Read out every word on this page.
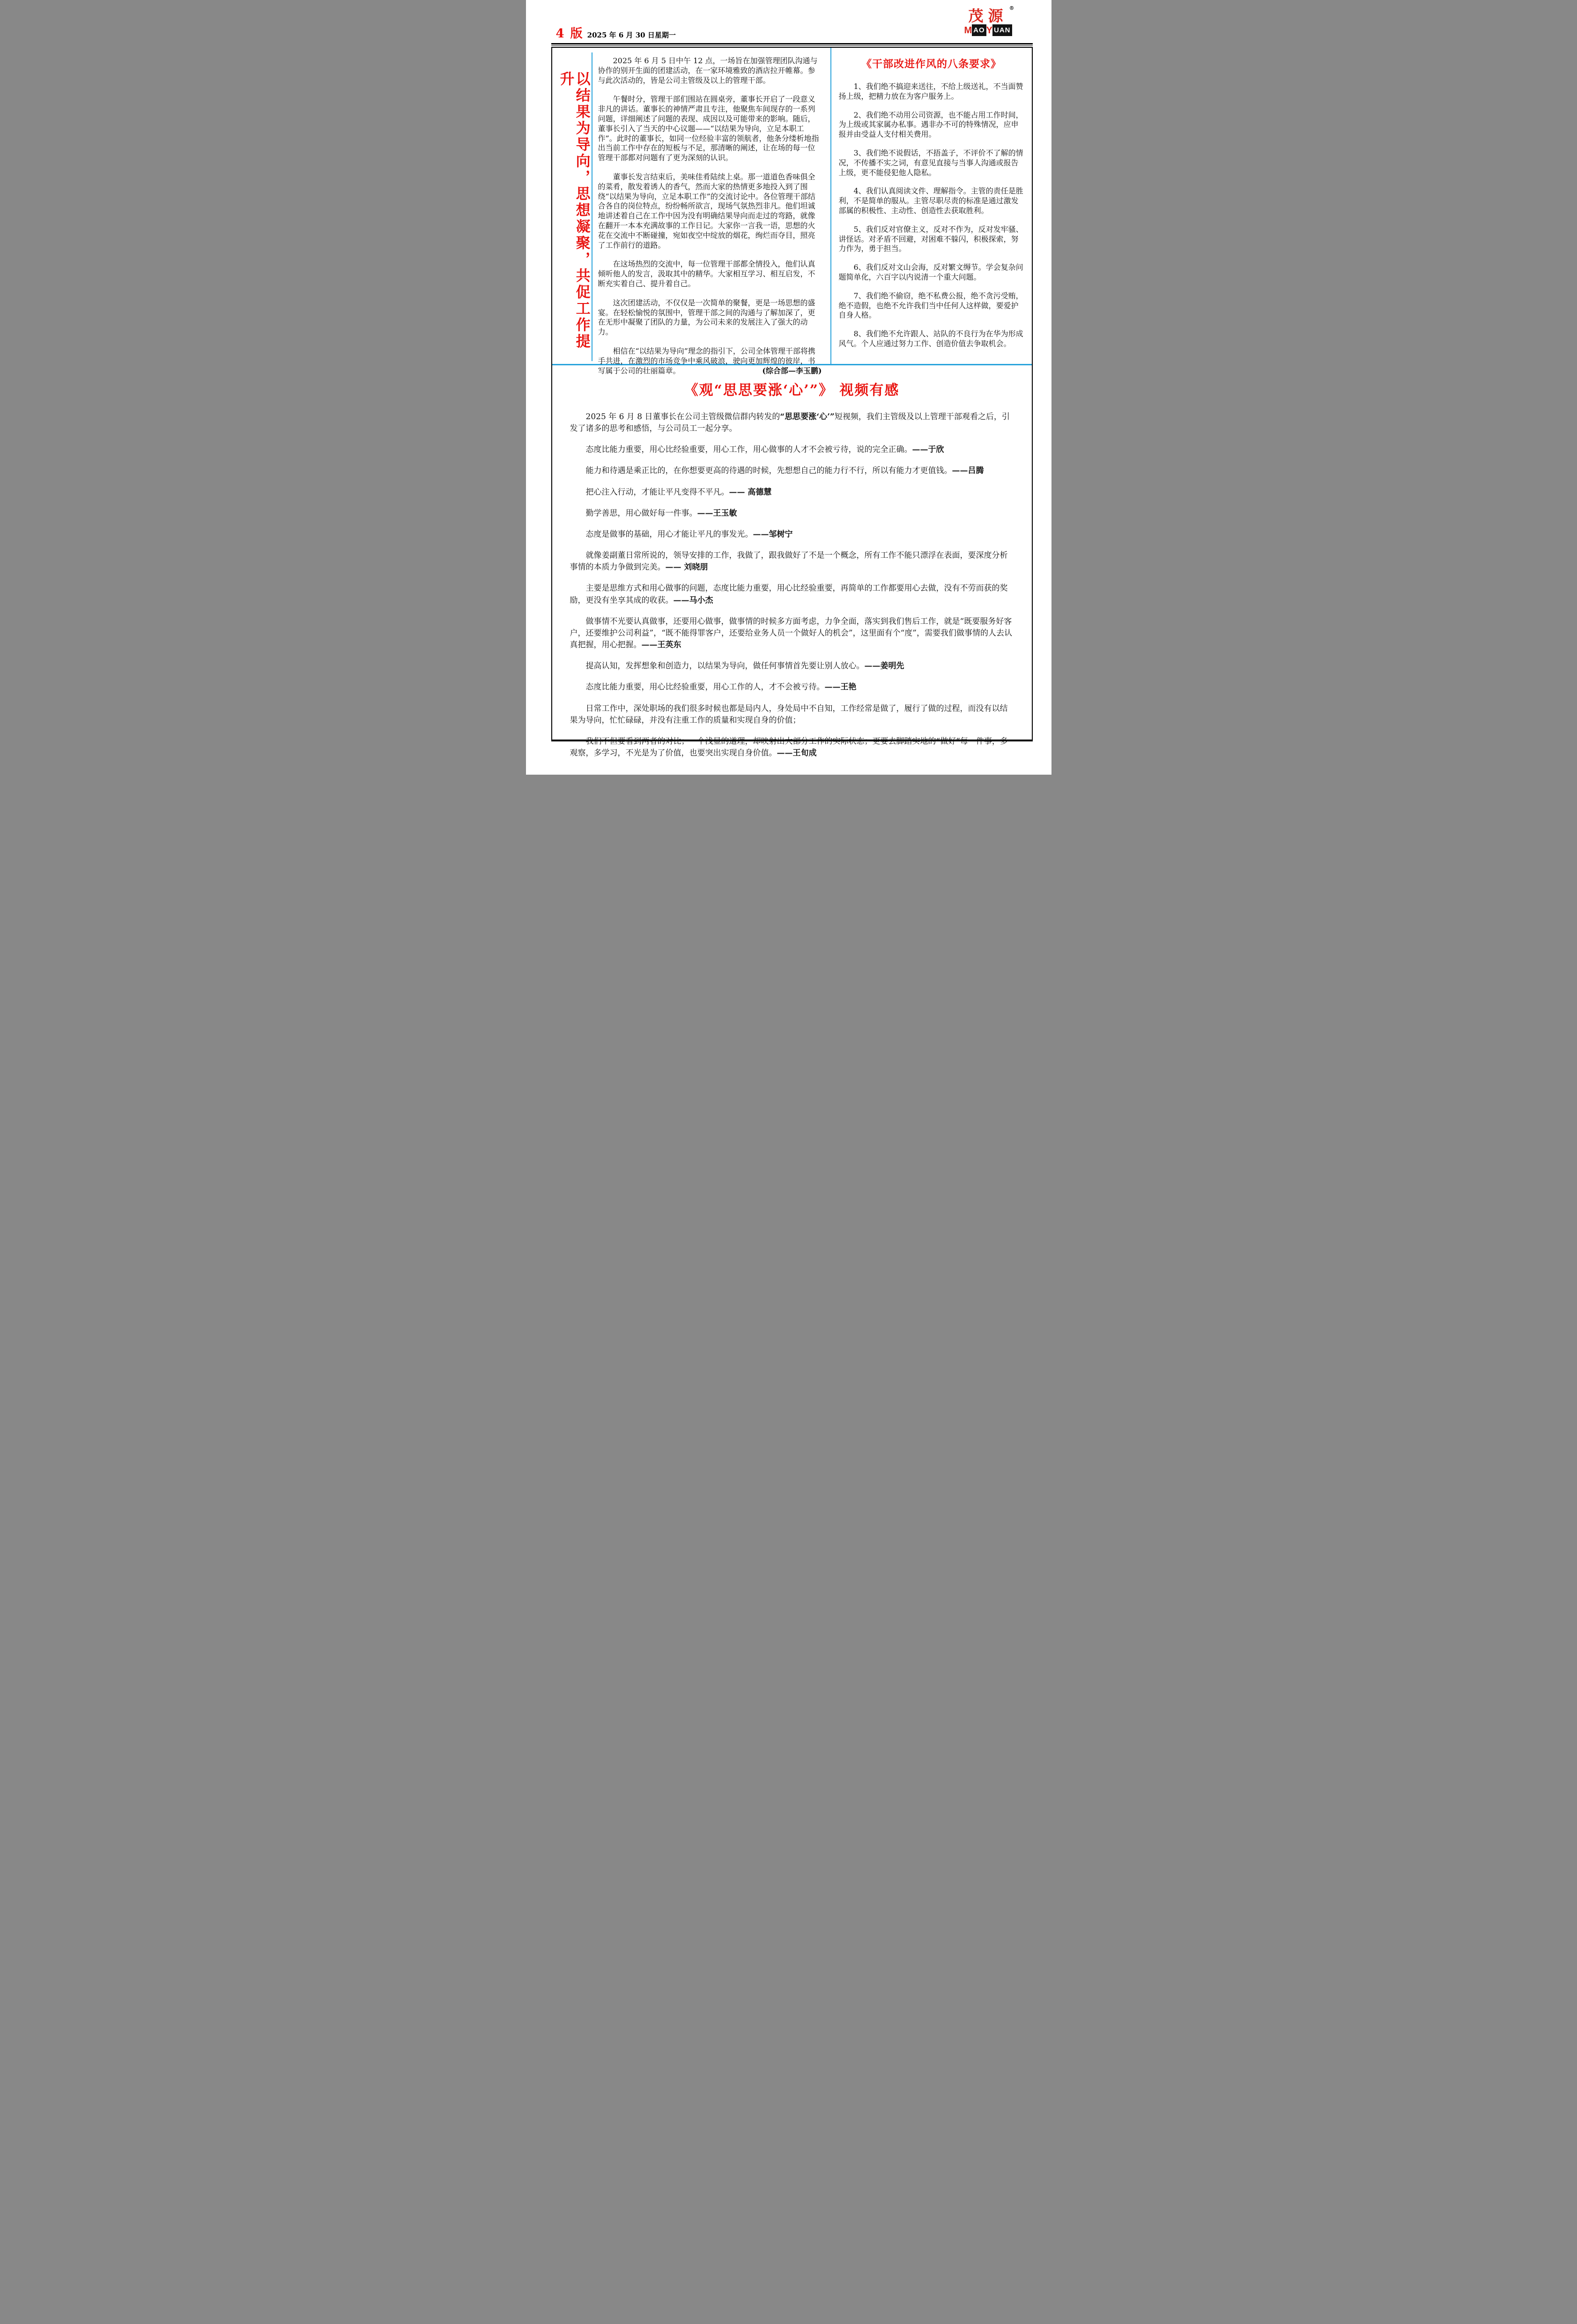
4 版 2025 年 6 月 30 日星期一
茂源 ®
M AO Y UAN
以结果为导向，思想凝聚，共促工作提升

2025 年 6 月 5 日中午 12 点，一场旨在加强管理团队沟通与协作的别开生面的团建活动，在一家环境雅致的酒店拉开帷幕。参与此次活动的，皆是公司主管级及以上的管理干部。

午餐时分，管理干部们围站在圆桌旁，董事长开启了一段意义非凡的讲话。董事长的神情严肃且专注，他聚焦车间现存的一系列问题，详细阐述了问题的表现、成因以及可能带来的影响。随后，董事长引入了当天的中心议题——“以结果为导向，立足本职工作”。此时的董事长，如同一位经验丰富的领航者，他条分缕析地指出当前工作中存在的短板与不足，那清晰的阐述，让在场的每一位管理干部都对问题有了更为深刻的认识。

董事长发言结束后，美味佳肴陆续上桌。那一道道色香味俱全的菜肴，散发着诱人的香气，然而大家的热情更多地投入到了围绕“以结果为导向，立足本职工作”的交流讨论中。各位管理干部结合各自的岗位特点，纷纷畅所欲言，现场气氛热烈非凡。他们坦诚地讲述着自己在工作中因为没有明确结果导向而走过的弯路，就像在翻开一本本充满故事的工作日记。大家你一言我一语，思想的火花在交流中不断碰撞，宛如夜空中绽放的烟花，绚烂而夺目，照亮了工作前行的道路。

在这场热烈的交流中，每一位管理干部都全情投入，他们认真倾听他人的发言，汲取其中的精华。大家相互学习、相互启发，不断充实着自己、提升着自己。

这次团建活动，不仅仅是一次简单的聚餐，更是一场思想的盛宴。在轻松愉悦的氛围中，管理干部之间的沟通与了解加深了，更在无形中凝聚了团队的力量，为公司未来的发展注入了强大的动力。

相信在“以结果为导向”理念的指引下，公司全体管理干部将携手共进，在激烈的市场竞争中乘风破浪，驶向更加辉煌的彼岸，书写属于公司的壮丽篇章。	(综合部—李玉鹏)

《干部改进作风的八条要求》

1、我们绝不搞迎来送往，不给上级送礼，不当面赞扬上级，把精力放在为客户服务上。

2、我们绝不动用公司资源，也不能占用工作时间，为上级或其家属办私事。遇非办不可的特殊情况，应申报并由受益人支付相关费用。

3、我们绝不说假话，不捂盖子，不评价不了解的情况，不传播不实之词，有意见直接与当事人沟通或报告上级，更不能侵犯他人隐私。

4、我们认真阅读文件、理解指令。主管的责任是胜利，不是简单的服从。主管尽职尽责的标准是通过激发部属的积极性、主动性、创造性去获取胜利。

5、我们反对官僚主义，反对不作为，反对发牢骚、讲怪话。对矛盾不回避，对困难不躲闪，积极探索，努力作为，勇于担当。

6、我们反对文山会海，反对繁文缛节。学会复杂问题简单化，六百字以内说清一个重大问题。

7、我们绝不偷窃，绝不私费公报，绝不贪污受贿，绝不造假，也绝不允许我们当中任何人这样做，要爱护自身人格。

8、我们绝不允许跟人、站队的不良行为在华为形成风气。个人应通过努力工作、创造价值去争取机会。

《观“思思要涨‘心’”》 视频有感

2025 年 6 月 8 日董事长在公司主管级微信群内转发的“思思要涨‘心’”短视频，我们主管级及以上管理干部观看之后，引发了诸多的思考和感悟，与公司员工一起分享。

态度比能力重要，用心比经验重要，用心工作，用心做事的人才不会被亏待，说的完全正确。——于欣

能力和待遇是乘正比的，在你想要更高的待遇的时候，先想想自己的能力行不行，所以有能力才更值钱。——吕腾

把心注入行动，才能让平凡变得不平凡。—— 高德慧

勤学善思，用心做好每一件事。——王玉敏

态度是做事的基础，用心才能让平凡的事发光。——邹树宁

就像姜副董日常所说的，领导安排的工作，我做了，跟我做好了不是一个概念，所有工作不能只漂浮在表面，要深度分析事情的本质力争做到完美。—— 刘晓朋

主要是思维方式和用心做事的问题，态度比能力重要，用心比经验重要，再简单的工作都要用心去做，没有不劳而获的奖励，更没有坐享其成的收获。——马小杰

做事情不光要认真做事，还要用心做事，做事情的时候多方面考虑，力争全面，落实到我们售后工作，就是“既要服务好客户，还要维护公司利益”，“既不能得罪客户，还要给业务人员一个做好人的机会”，这里面有个“度”，需要我们做事情的人去认真把握，用心把握。——王英东

提高认知，发挥想象和创造力，以结果为导向，做任何事情首先要让别人放心。——姜明先

态度比能力重要，用心比经验重要，用心工作的人，才不会被亏待。——王艳

日常工作中，深处职场的我们很多时候也都是局内人，身处局中不自知，工作经常是做了，履行了做的过程，而没有以结果为导向，忙忙碌碌，并没有注重工作的质量和实现自身的价值；

我们不但要看到两者的对比；一个浅显的道理，却映射出大部分工作的实际状态；更要去脚踏实地的“做好”每一件事，多观察，多学习，不光是为了价值，也要突出实现自身价值。——王旬成
